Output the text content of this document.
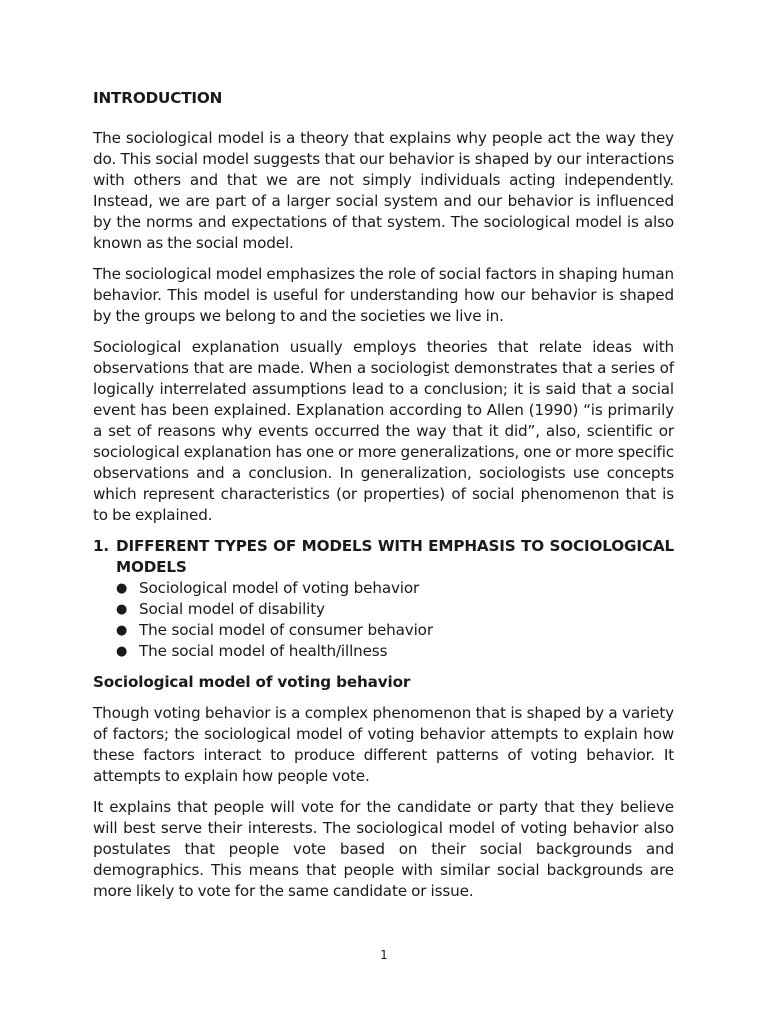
INTRODUCTION

The sociological model is a theory that explains why people act the way they do. This social model suggests that our behavior is shaped by our interactions with others and that we are not simply individuals acting independently. Instead, we are part of a larger social system and our behavior is influenced by the norms and expectations of that system. The sociological model is also known as the social model.

The sociological model emphasizes the role of social factors in shaping human behavior. This model is useful for understanding how our behavior is shaped by the groups we belong to and the societies we live in.

Sociological explanation usually employs theories that relate ideas with observations that are made. When a sociologist demonstrates that a series of logically interrelated assumptions lead to a conclusion; it is said that a social event has been explained. Explanation according to Allen (1990) “is primarily a set of reasons why events occurred the way that it did”, also, scientific or sociological explanation has one or more generalizations, one or more specific observations and a conclusion. In generalization, sociologists use concepts which represent characteristics (or properties) of social phenomenon that is to be explained.

1. DIFFERENT TYPES OF MODELS WITH EMPHASIS TO SOCIOLOGICAL MODELS
● Sociological model of voting behavior
● Social model of disability
● The social model of consumer behavior
● The social model of health/illness
Sociological model of voting behavior

Though voting behavior is a complex phenomenon that is shaped by a variety of factors; the sociological model of voting behavior attempts to explain how these factors interact to produce different patterns of voting behavior. It attempts to explain how people vote.

It explains that people will vote for the candidate or party that they believe will best serve their interests. The sociological model of voting behavior also postulates that people vote based on their social backgrounds and demographics. This means that people with similar social backgrounds are more likely to vote for the same candidate or issue.

1
